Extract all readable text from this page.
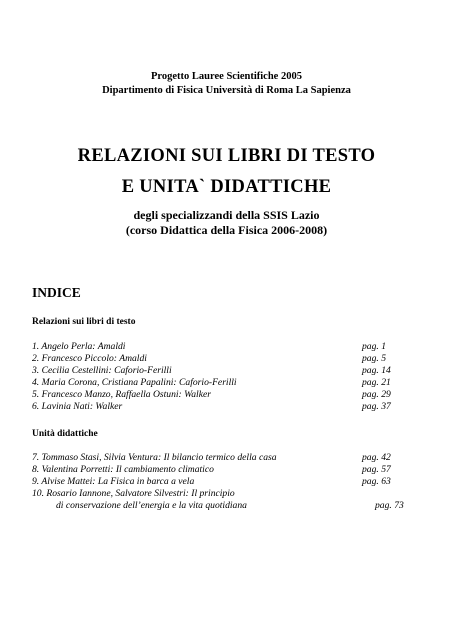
Progetto Lauree Scientifiche 2005
Dipartimento di Fisica Università di Roma La Sapienza
RELAZIONI SUI LIBRI DI TESTO
E UNITA` DIDATTICHE
degli specializzandi della SSIS Lazio
(corso Didattica della Fisica 2006-2008)
INDICE
Relazioni sui libri di testo
1. Angelo Perla: Amaldi	pag. 1
2. Francesco Piccolo: Amaldi	pag. 5
3. Cecilia Cestellini: Caforio-Ferilli	pag. 14
4. Maria Corona, Cristiana Papalini: Caforio-Ferilli	pag. 21
5. Francesco Manzo, Raffaella Ostuni: Walker	pag. 29
6. Lavinia Nati: Walker	pag. 37
Unità didattiche
7. Tommaso Stasi, Silvia Ventura: Il bilancio termico della casa	pag. 42
8. Valentina Porretti: Il cambiamento climatico	pag. 57
9. Alvise Mattei: La Fisica in barca a vela	pag. 63
10. Rosario Iannone, Salvatore Silvestri: Il principio
di conservazione dell’energia e la vita quotidiana	pag. 73
